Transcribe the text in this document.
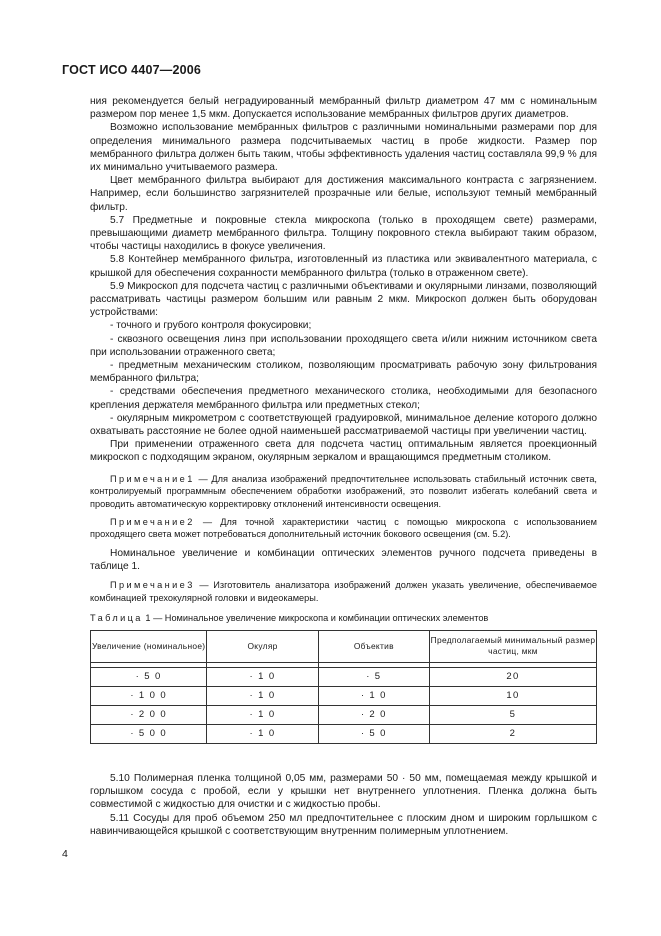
ГОСТ ИСО 4407—2006

ния рекомендуется белый неградуированный мембранный фильтр диаметром 47 мм с номинальным размером пор менее 1,5 мкм. Допускается использование мембранных фильтров других диаметров.

Возможно использование мембранных фильтров с различными номинальными размерами пор для определения минимального размера подсчитываемых частиц в пробе жидкости. Размер пор мембранного фильтра должен быть таким, чтобы эффективность удаления частиц составляла 99,9 % для их минимально учитываемого размера.

Цвет мембранного фильтра выбирают для достижения максимального контраста с загрязнением. Например, если большинство загрязнителей прозрачные или белые, используют темный мембранный фильтр.

5.7 Предметные и покровные стекла микроскопа (только в проходящем свете) размерами, превышающими диаметр мембранного фильтра. Толщину покровного стекла выбирают таким образом, чтобы частицы находились в фокусе увеличения.

5.8 Контейнер мембранного фильтра, изготовленный из пластика или эквивалентного материала, с крышкой для обеспечения сохранности мембранного фильтра (только в отраженном свете).

5.9 Микроскоп для подсчета частиц с различными объективами и окулярными линзами, позволяющий рассматривать частицы размером большим или равным 2 мкм. Микроскоп должен быть оборудован устройствами:

- точного и грубого контроля фокусировки;

- сквозного освещения линз при использовании проходящего света и/или нижним источником света при использовании отраженного света;

- предметным механическим столиком, позволяющим просматривать рабочую зону фильтрования мембранного фильтра;

- средствами обеспечения предметного механического столика, необходимыми для безопасного крепления держателя мембранного фильтра или предметных стекол;

- окулярным микрометром с соответствующей градуировкой, минимальное деление которого должно охватывать расстояние не более одной наименьшей рассматриваемой частицы при увеличении частиц.

При применении отраженного света для подсчета частиц оптимальным является проекционный микроскоп с подходящим экраном, окулярным зеркалом и вращающимся предметным столиком.

Примечание1 — Для анализа изображений предпочтительнее использовать стабильный источник света, контролируемый программным обеспечением обработки изображений, это позволит избегать колебаний света и проводить автоматическую корректировку отклонений интенсивности освещения.

Примечание2 — Для точной характеристики частиц с помощью микроскопа с использованием проходящего света может потребоваться дополнительный источник бокового освещения (см. 5.2).

Номинальное увеличение и комбинации оптических элементов ручного подсчета приведены в таблице 1.

Примечание3 — Изготовитель анализатора изображений должен указать увеличение, обеспечиваемое комбинацией трехокулярной головки и видеокамеры.

Таблица 1 — Номинальное увеличение микроскопа и комбинации оптических элементов

Увеличение (номинальное)	Окуляр	Объектив	Предполагаемый минимальный размер частиц, мкм

· 5 0	· 1 0	· 5	20
· 1 0 0	· 1 0	· 1 0	10
· 2 0 0	· 1 0	· 2 0	5
· 5 0 0	· 1 0	· 5 0	2

5.10 Полимерная пленка толщиной 0,05 мм, размерами 50 · 50 мм, помещаемая между крышкой и горлышком сосуда с пробой, если у крышки нет внутреннего уплотнения. Пленка должна быть совместимой с жидкостью для очистки и с жидкостью пробы.

5.11 Сосуды для проб объемом 250 мл предпочтительнее с плоским дном и широким горлышком с навинчивающейся крышкой с соответствующим внутренним полимерным уплотнением.

4
